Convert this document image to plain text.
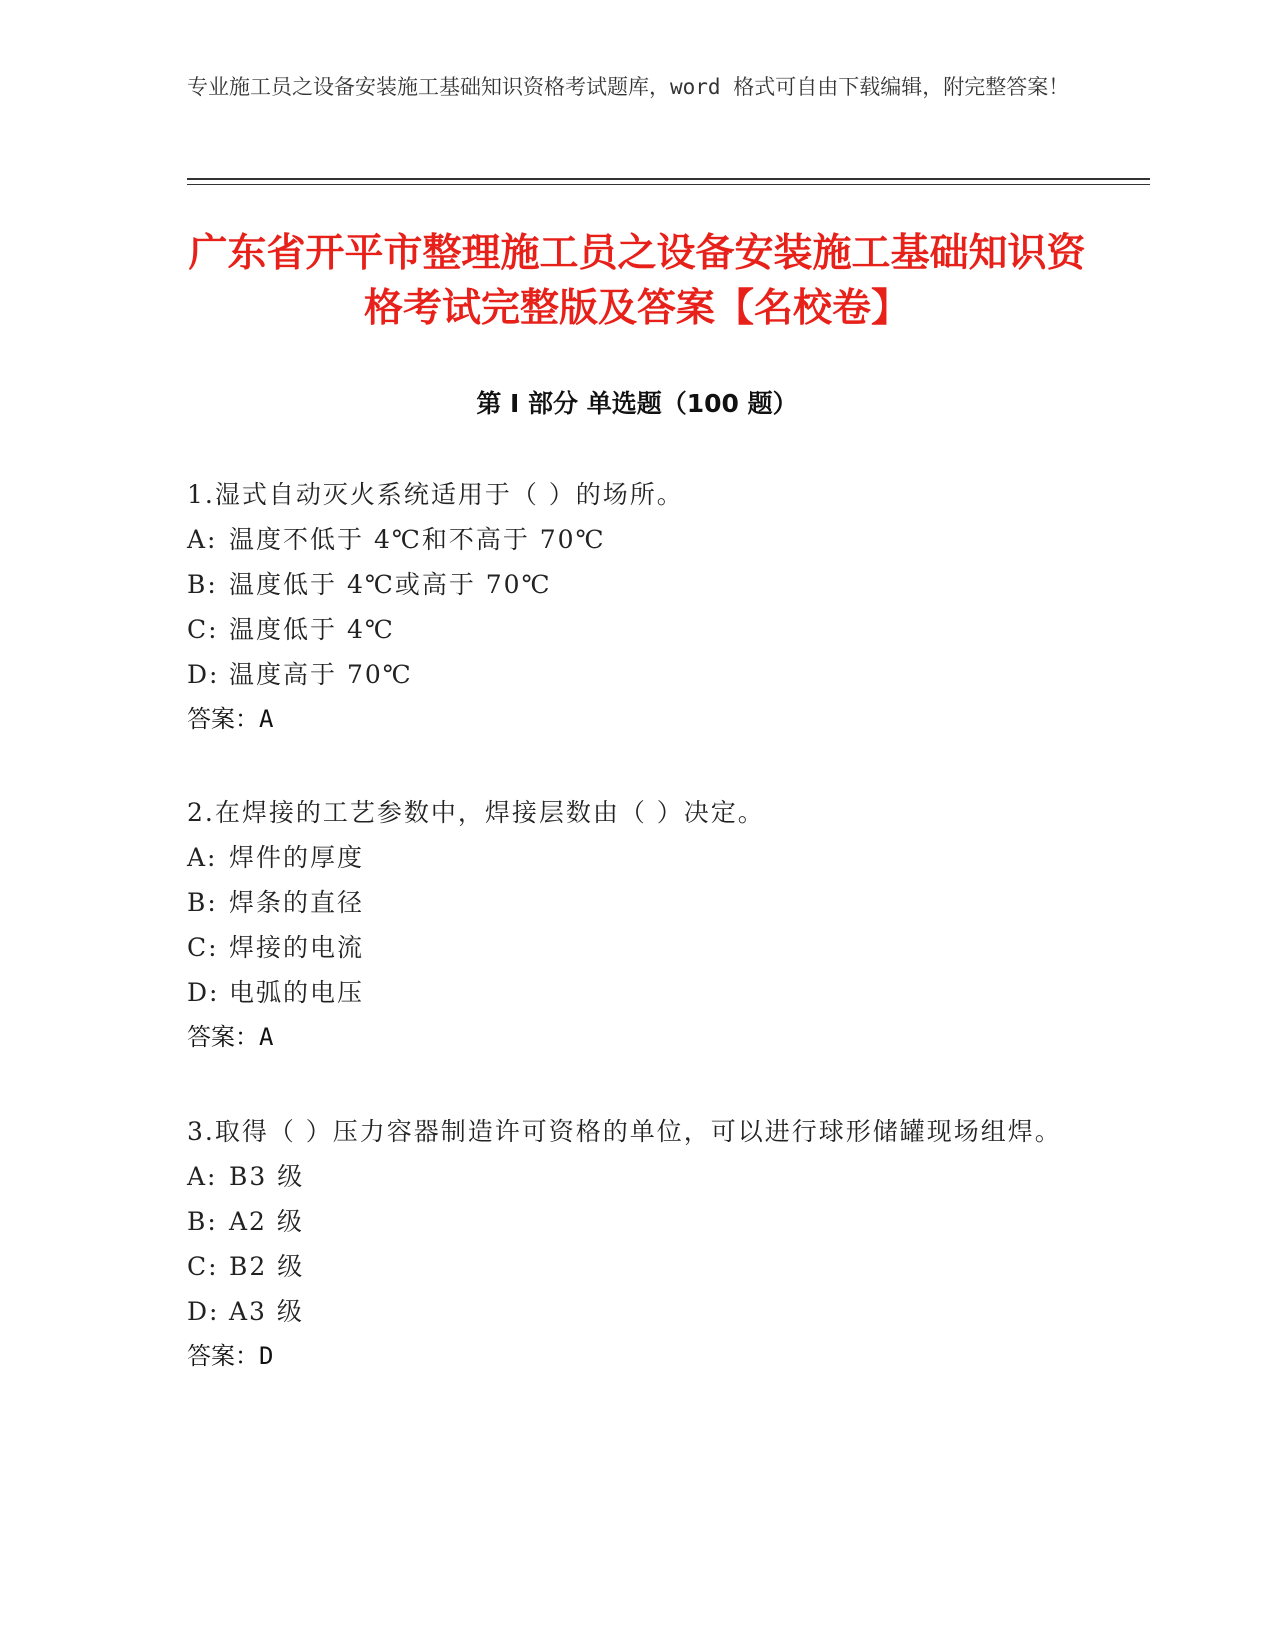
专业施工员之设备安装施工基础知识资格考试题库，word 格式可自由下载编辑，附完整答案！
广东省开平市整理施工员之设备安装施工基础知识资格考试完整版及答案【名校卷】
第 I 部分 单选题（100 题）
1.湿式自动灭火系统适用于（ ）的场所。
A: 温度不低于 4℃和不高于 70℃
B: 温度低于 4℃或高于 70℃
C: 温度低于 4℃
D: 温度高于 70℃
答案：A
2.在焊接的工艺参数中，焊接层数由（ ）决定。
A: 焊件的厚度
B: 焊条的直径
C: 焊接的电流
D: 电弧的电压
答案：A
3.取得（ ）压力容器制造许可资格的单位，可以进行球形储罐现场组焊。
A: B3 级
B: A2 级
C: B2 级
D: A3 级
答案：D
